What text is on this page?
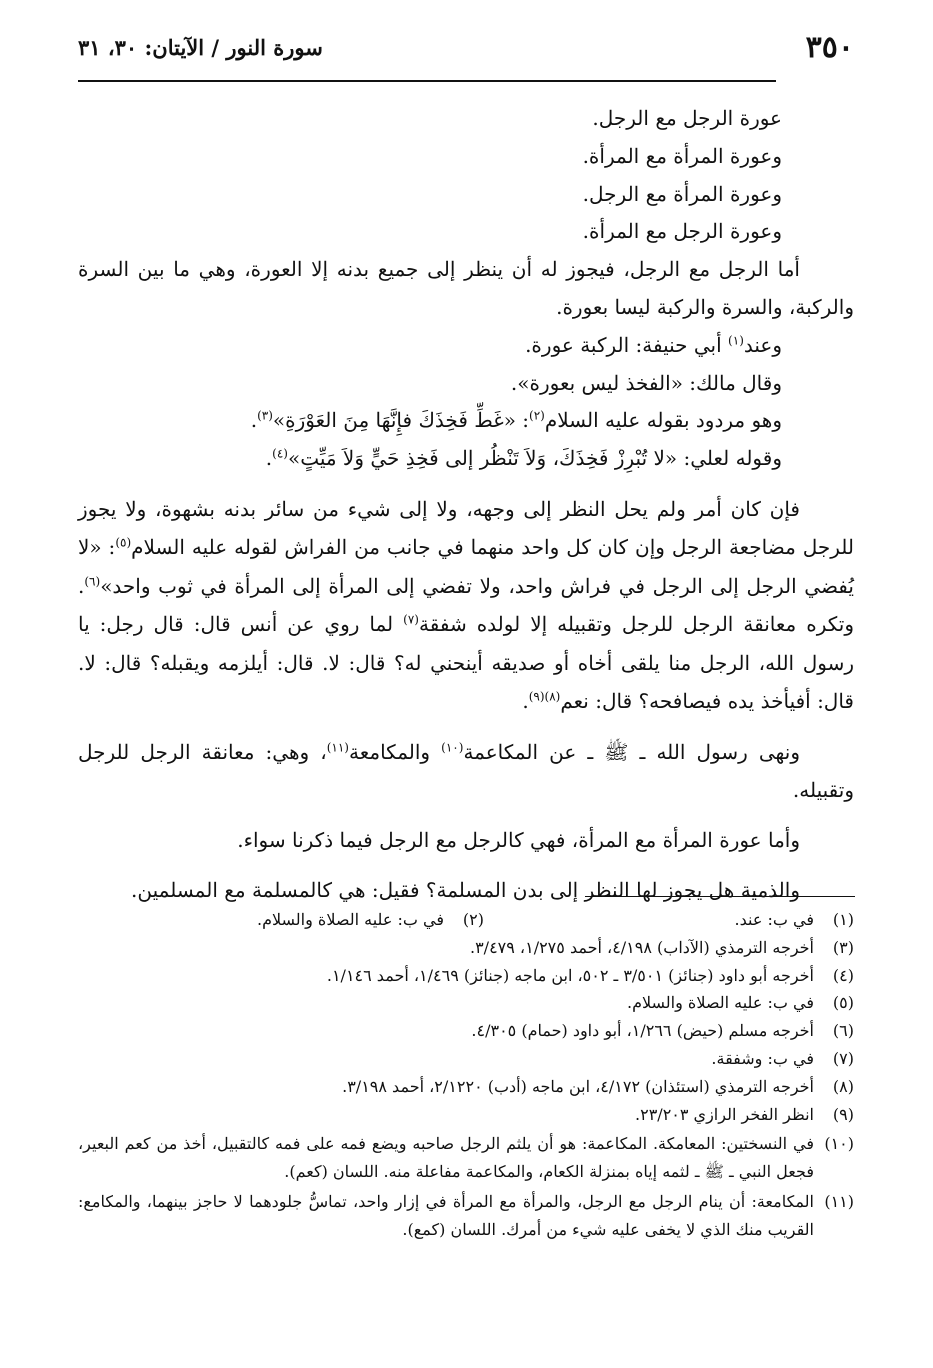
٣٥٠
سورة النور / الآيتان: ٣٠، ٣١

عورة الرجل مع الرجل.

وعورة المرأة مع المرأة.

وعورة المرأة مع الرجل.

وعورة الرجل مع المرأة.

أما الرجل مع الرجل، فيجوز له أن ينظر إلى جميع بدنه إلا العورة، وهي ما بين السرة والركبة، والسرة والركبة ليسا بعورة.

وعند$^{(١)}$ أبي حنيفة: الركبة عورة.

وقال مالك: «الفخذ ليس بعورة».

وهو مردود بقوله عليه السلام$^{(٢)}$: «غَطِّ فَخِذَكَ فإِنَّهَا مِنَ العَوْرَةِ»$^{(٣)}$.

وقوله لعلي: «لا تُبْرِزْ فَخِذَكَ، وَلاَ تَنْظُر إلى فَخِذِ حَيٍّ وَلاَ مَيِّتٍ»$^{(٤)}$.

فإن كان أمر ولم يحل النظر إلى وجهه، ولا إلى شيء من سائر بدنه بشهوة، ولا يجوز للرجل مضاجعة الرجل وإن كان كل واحد منهما في جانب من الفراش لقوله عليه السلام$^{(٥)}$: «لا يُفضي الرجل إلى الرجل في فراش واحد، ولا تفضي إلى المرأة إلى المرأة في ثوب واحد»$^{(٦)}$. وتكره معانقة الرجل للرجل وتقبيله إلا لولده شفقة$^{(٧)}$ لما روي عن أنس قال: قال رجل: يا رسول الله، الرجل منا يلقى أخاه أو صديقه أينحني له؟ قال: لا. قال: أيلزمه ويقبله؟ قال: لا. قال: أفيأخذ يده فيصافحه؟ قال: نعم$^{(٨)(٩)}$.

ونهى رسول الله ـ ﷺ ـ عن المكاعمة$^{(١٠)}$ والمكامعة$^{(١١)}$، وهي: معانقة الرجل للرجل وتقبيله.

وأما عورة المرأة مع المرأة، فهي كالرجل مع الرجل فيما ذكرنا سواء.

والذمية هل يجوز لها النظر إلى بدن المسلمة؟ فقيل: هي كالمسلمة مع المسلمين.

(١)
في ب: عند.
(٢)
في ب: عليه الصلاة والسلام.
(٣)
أخرجه الترمذي (الآداب) ٤/١٩٨، أحمد ١/٢٧٥، ٣/٤٧٩.
(٤)
أخرجه أبو داود (جنائز) ٣/٥٠١ ـ ٥٠٢، ابن ماجه (جنائز) ١/٤٦٩، أحمد ١/١٤٦.
(٥)
في ب: عليه الصلاة والسلام.
(٦)
أخرجه مسلم (حيض) ١/٢٦٦، أبو داود (حمام) ٤/٣٠٥.
(٧)
في ب: وشفقة.
(٨)
أخرجه الترمذي (استئذان) ٤/١٧٢، ابن ماجه (أدب) ٢/١٢٢٠، أحمد ٣/١٩٨.
(٩)
انظر الفخر الرازي ٢٣/٢٠٣.
(١٠)
في النسختين: المعامكة. المكاعمة: هو أن يلثم الرجل صاحبه ويضع فمه على فمه كالتقبيل، أخذ من كعم البعير، فجعل النبي ـ ﷺ ـ لثمه إياه بمنزلة الكعام، والمكاعمة مفاعلة منه. اللسان (كعم).
(١١)
المكامعة: أن ينام الرجل مع الرجل، والمرأة مع المرأة في إزار واحد، تماسُّ جلودهما لا حاجز بينهما، والمكامع: القريب منك الذي لا يخفى عليه شيء من أمرك. اللسان (كمع).
